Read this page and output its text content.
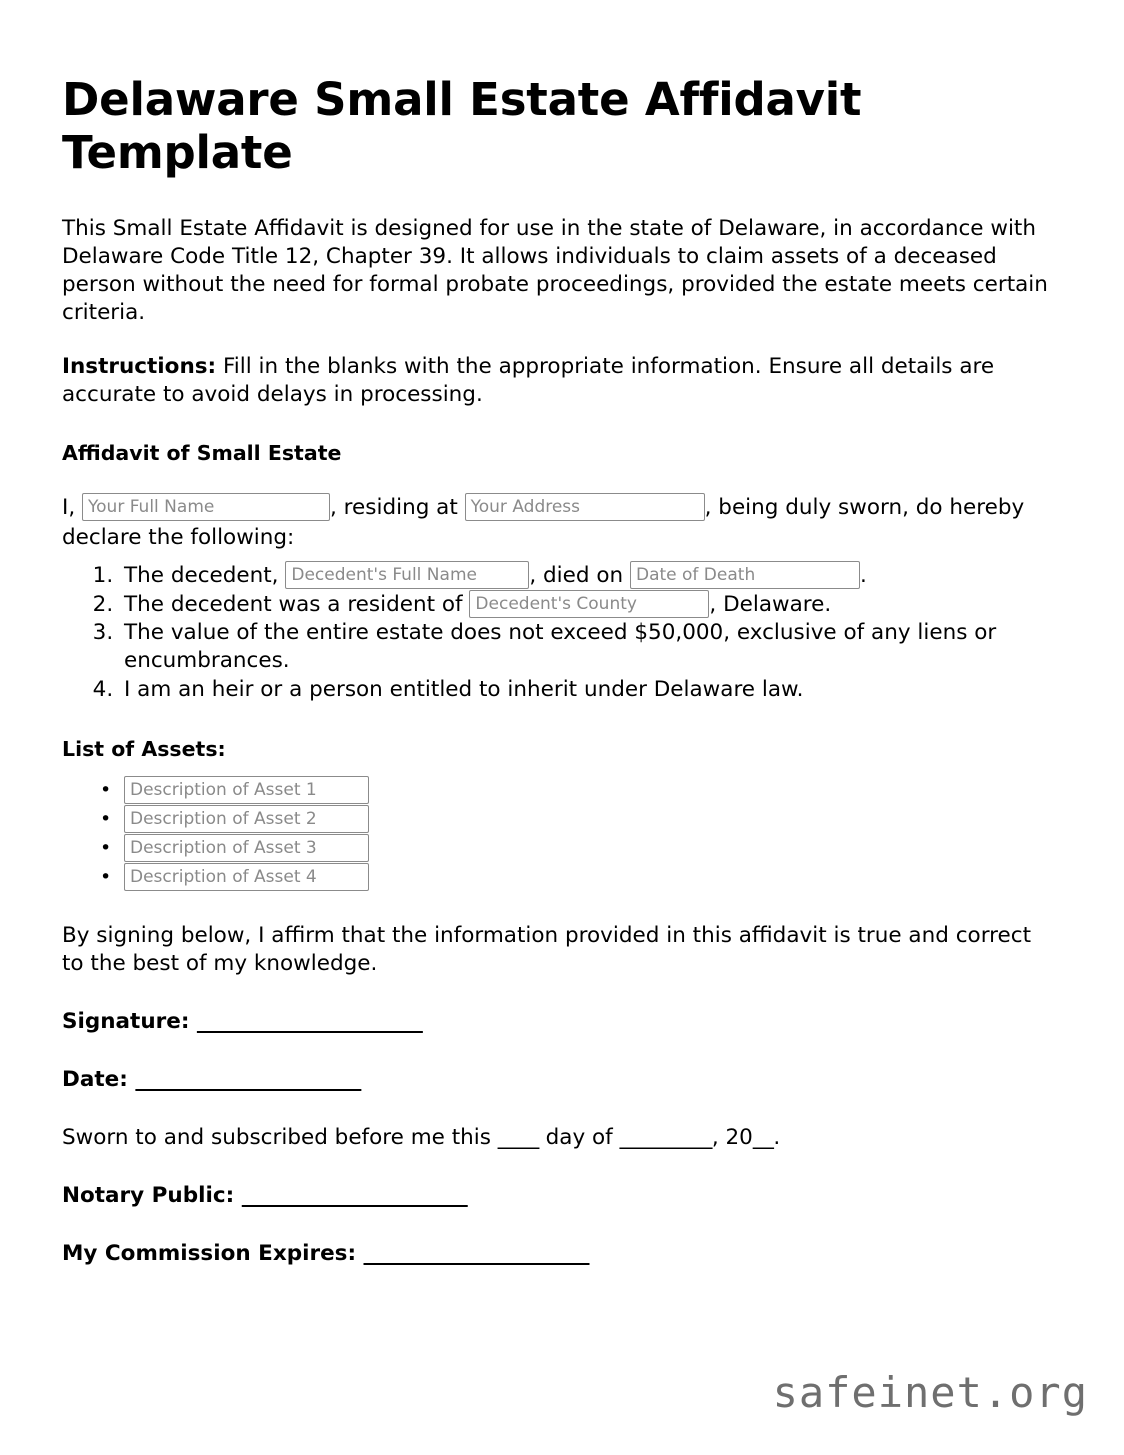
Delaware Small Estate Affidavit Template

This Small Estate Affidavit is designed for use in the state of Delaware, in accordance with Delaware Code Title 12, Chapter 39. It allows individuals to claim assets of a deceased person without the need for formal probate proceedings, provided the estate meets certain criteria.

Instructions: Fill in the blanks with the appropriate information. Ensure all details are accurate to avoid delays in processing.

Affidavit of Small Estate
I, Your Full Name	, residing at Your Address	, being duly sworn, do hereby declare the following:
1. The decedent, Decedent's Full Name , died on Date of Death	.
2. The decedent was a resident of Decedent's County	, Delaware.
3. The value of the entire estate does not exceed $50,000, exclusive of any liens or encumbrances.
4. I am an heir or a person entitled to inherit under Delaware law.
List of Assets:
• Description of Asset 1
• Description of Asset 2
• Description of Asset 3
• Description of Asset 4

By signing below, I affirm that the information provided in this affidavit is true and correct to the best of my knowledge.

Signature: ______________________
Date: ______________________

Sworn to and subscribed before me this ____ day of _________, 20__.

Notary Public: ______________________
My Commission Expires: ______________________
safeinet.org
